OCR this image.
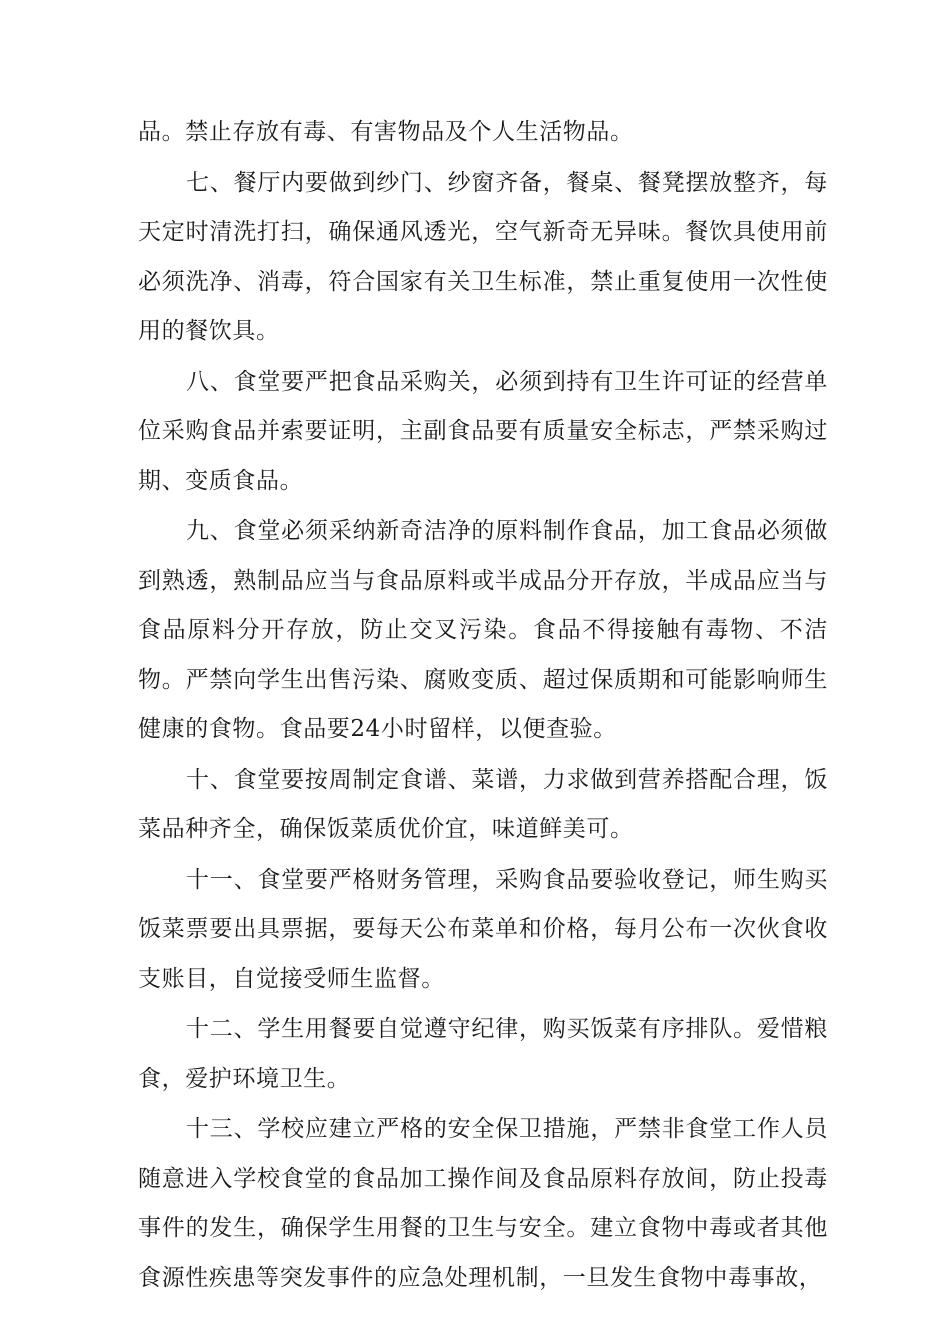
品。禁止存放有毒、有害物品及个人生活物品。

七、餐厅内要做到纱门、纱窗齐备，餐桌、餐凳摆放整齐，每天定时清洗打扫，确保通风透光，空气新奇无异味。餐饮具使用前必须洗净、消毒，符合国家有关卫生标准，禁止重复使用一次性使用的餐饮具。

八、食堂要严把食品采购关，必须到持有卫生许可证的经营单位采购食品并索要证明，主副食品要有质量安全标志，严禁采购过期、变质食品。

九、食堂必须采纳新奇洁净的原料制作食品，加工食品必须做到熟透，熟制品应当与食品原料或半成品分开存放，半成品应当与食品原料分开存放，防止交叉污染。食品不得接触有毒物、不洁物。严禁向学生出售污染、腐败变质、超过保质期和可能影响师生健康的食物。食品要24小时留样，以便查验。

十、食堂要按周制定食谱、菜谱，力求做到营养搭配合理，饭菜品种齐全，确保饭菜质优价宜，味道鲜美可。

十一、食堂要严格财务管理，采购食品要验收登记，师生购买饭菜票要出具票据，要每天公布菜单和价格，每月公布一次伙食收支账目，自觉接受师生监督。

十二、学生用餐要自觉遵守纪律，购买饭菜有序排队。爱惜粮食，爱护环境卫生。

十三、学校应建立严格的安全保卫措施，严禁非食堂工作人员随意进入学校食堂的食品加工操作间及食品原料存放间，防止投毒事件的发生，确保学生用餐的卫生与安全。建立食物中毒或者其他食源性疾患等突发事件的应急处理机制，一旦发生食物中毒事故，
